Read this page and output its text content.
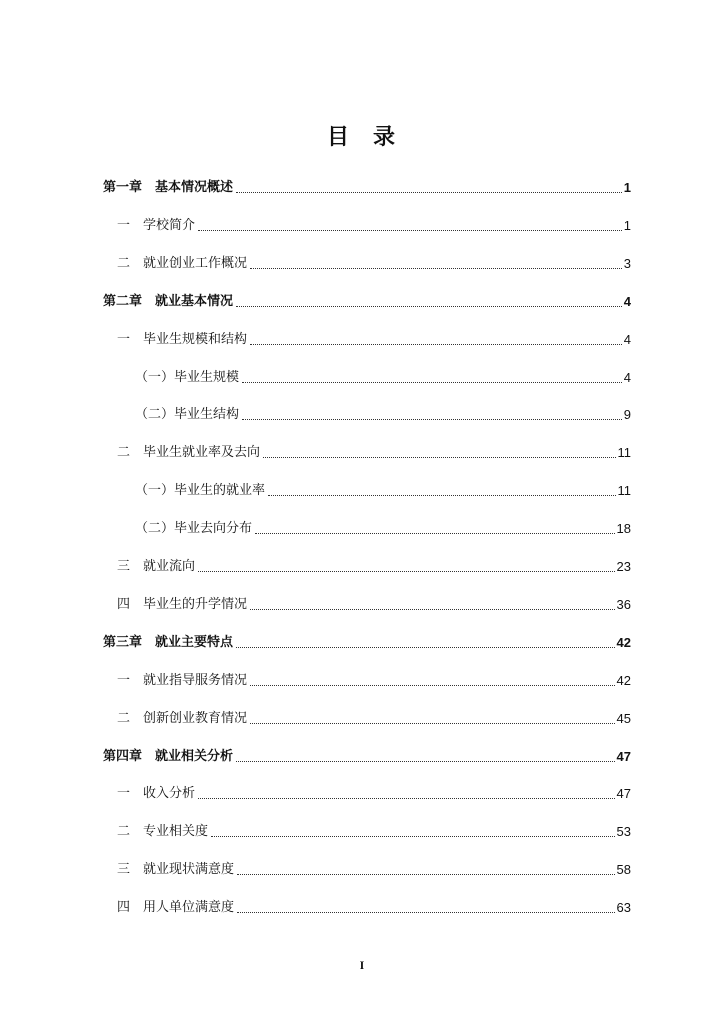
目 录
第一章 基本情况概述	1
一 学校简介	1
二 就业创业工作概况	3
第二章 就业基本情况	4
一 毕业生规模和结构	4
（一）毕业生规模	4
（二）毕业生结构	9
二 毕业生就业率及去向	11
（一）毕业生的就业率	11
（二）毕业去向分布	18
三 就业流向	23
四 毕业生的升学情况	36
第三章 就业主要特点	42
一 就业指导服务情况	42
二 创新创业教育情况	45
第四章 就业相关分析	47
一 收入分析	47
二 专业相关度	53
三 就业现状满意度	58
四 用人单位满意度	63
I
